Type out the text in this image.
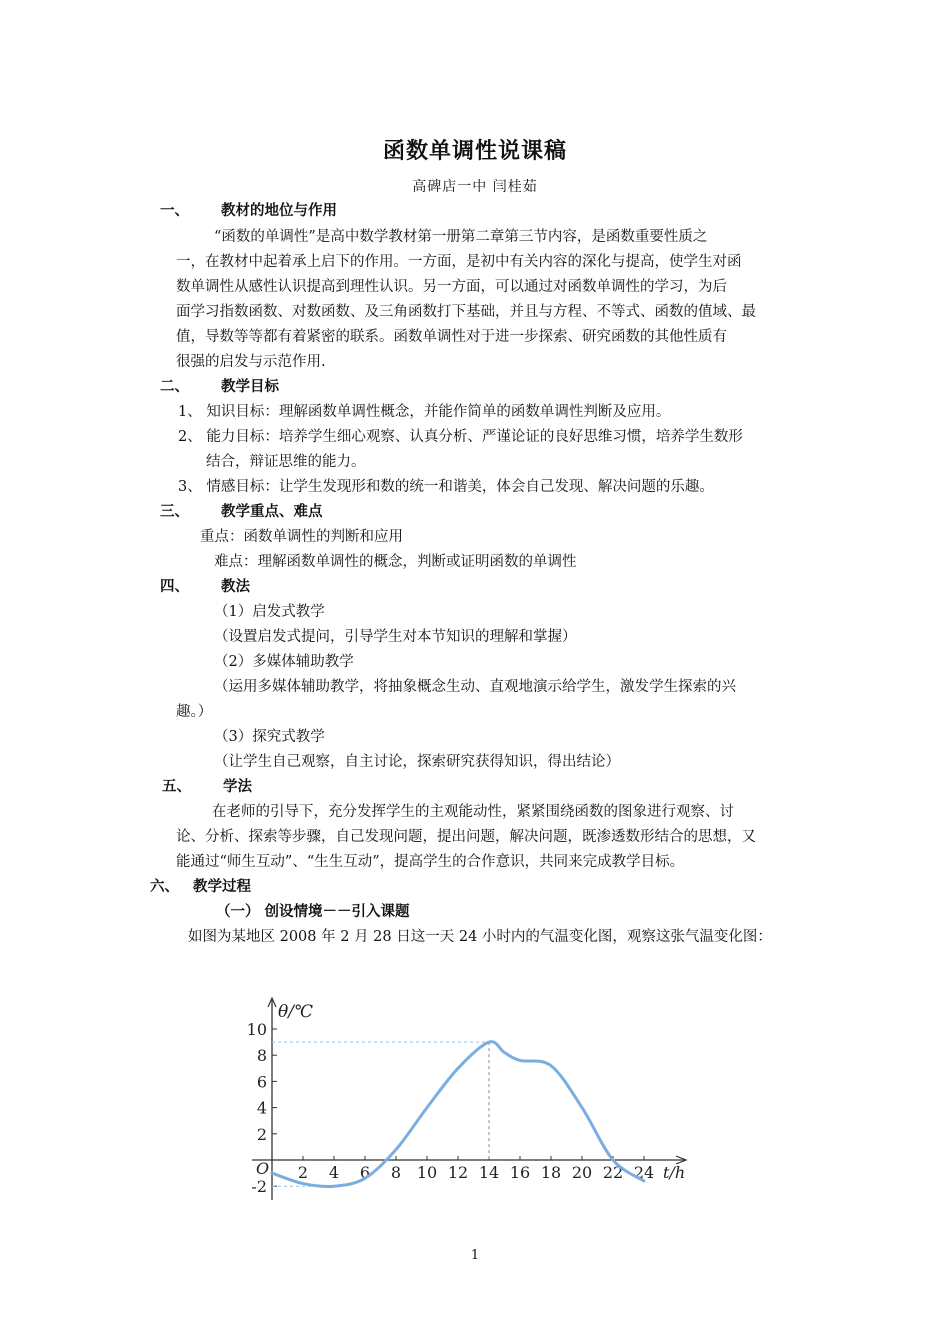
函数单调性说课稿
高碑店一中 闫桂茹
一、 教材的地位与作用
“函数的单调性”是高中数学教材第一册第二章第三节内容，是函数重要性质之
一，在教材中起着承上启下的作用。一方面，是初中有关内容的深化与提高，使学生对函
数单调性从感性认识提高到理性认识。另一方面，可以通过对函数单调性的学习，为后
面学习指数函数、对数函数、及三角函数打下基础，并且与方程、不等式、函数的值域、最
值，导数等等都有着紧密的联系。函数单调性对于进一步探索、研究函数的其他性质有
很强的启发与示范作用.
二、 教学目标
1、 知识目标：理解函数单调性概念，并能作简单的函数单调性判断及应用。
2、 能力目标：培养学生细心观察、认真分析、严谨论证的良好思维习惯，培养学生数形
结合，辩证思维的能力。
3、 情感目标：让学生发现形和数的统一和谐美，体会自己发现、解决问题的乐趣。
三、 教学重点、难点
重点：函数单调性的判断和应用
难点：理解函数单调性的概念，判断或证明函数的单调性
四、 教法
（1）启发式教学
（设置启发式提问，引导学生对本节知识的理解和掌握）
（2）多媒体辅助教学
（运用多媒体辅助教学，将抽象概念生动、直观地演示给学生，激发学生探索的兴
趣。）
（3）探究式教学
（让学生自己观察，自主讨论，探索研究获得知识，得出结论）
五、 学法
在老师的引导下，充分发挥学生的主观能动性，紧紧围绕函数的图象进行观察、讨
论、分析、探索等步骤，自己发现问题，提出问题，解决问题，既渗透数形结合的思想，又
能通过“师生互动”、“生生互动”，提高学生的合作意识，共同来完成教学目标。
六、 教学过程
（一） 创设情境－－引入课题
如图为某地区 2008 年 2 月 28 日这一天 24 小时内的气温变化图，观察这张气温变化图：
10
8
6
4
2
-2
2 4 6 8 10 12 14 16 18 20 22 24
O
θ/℃
t/h
1
